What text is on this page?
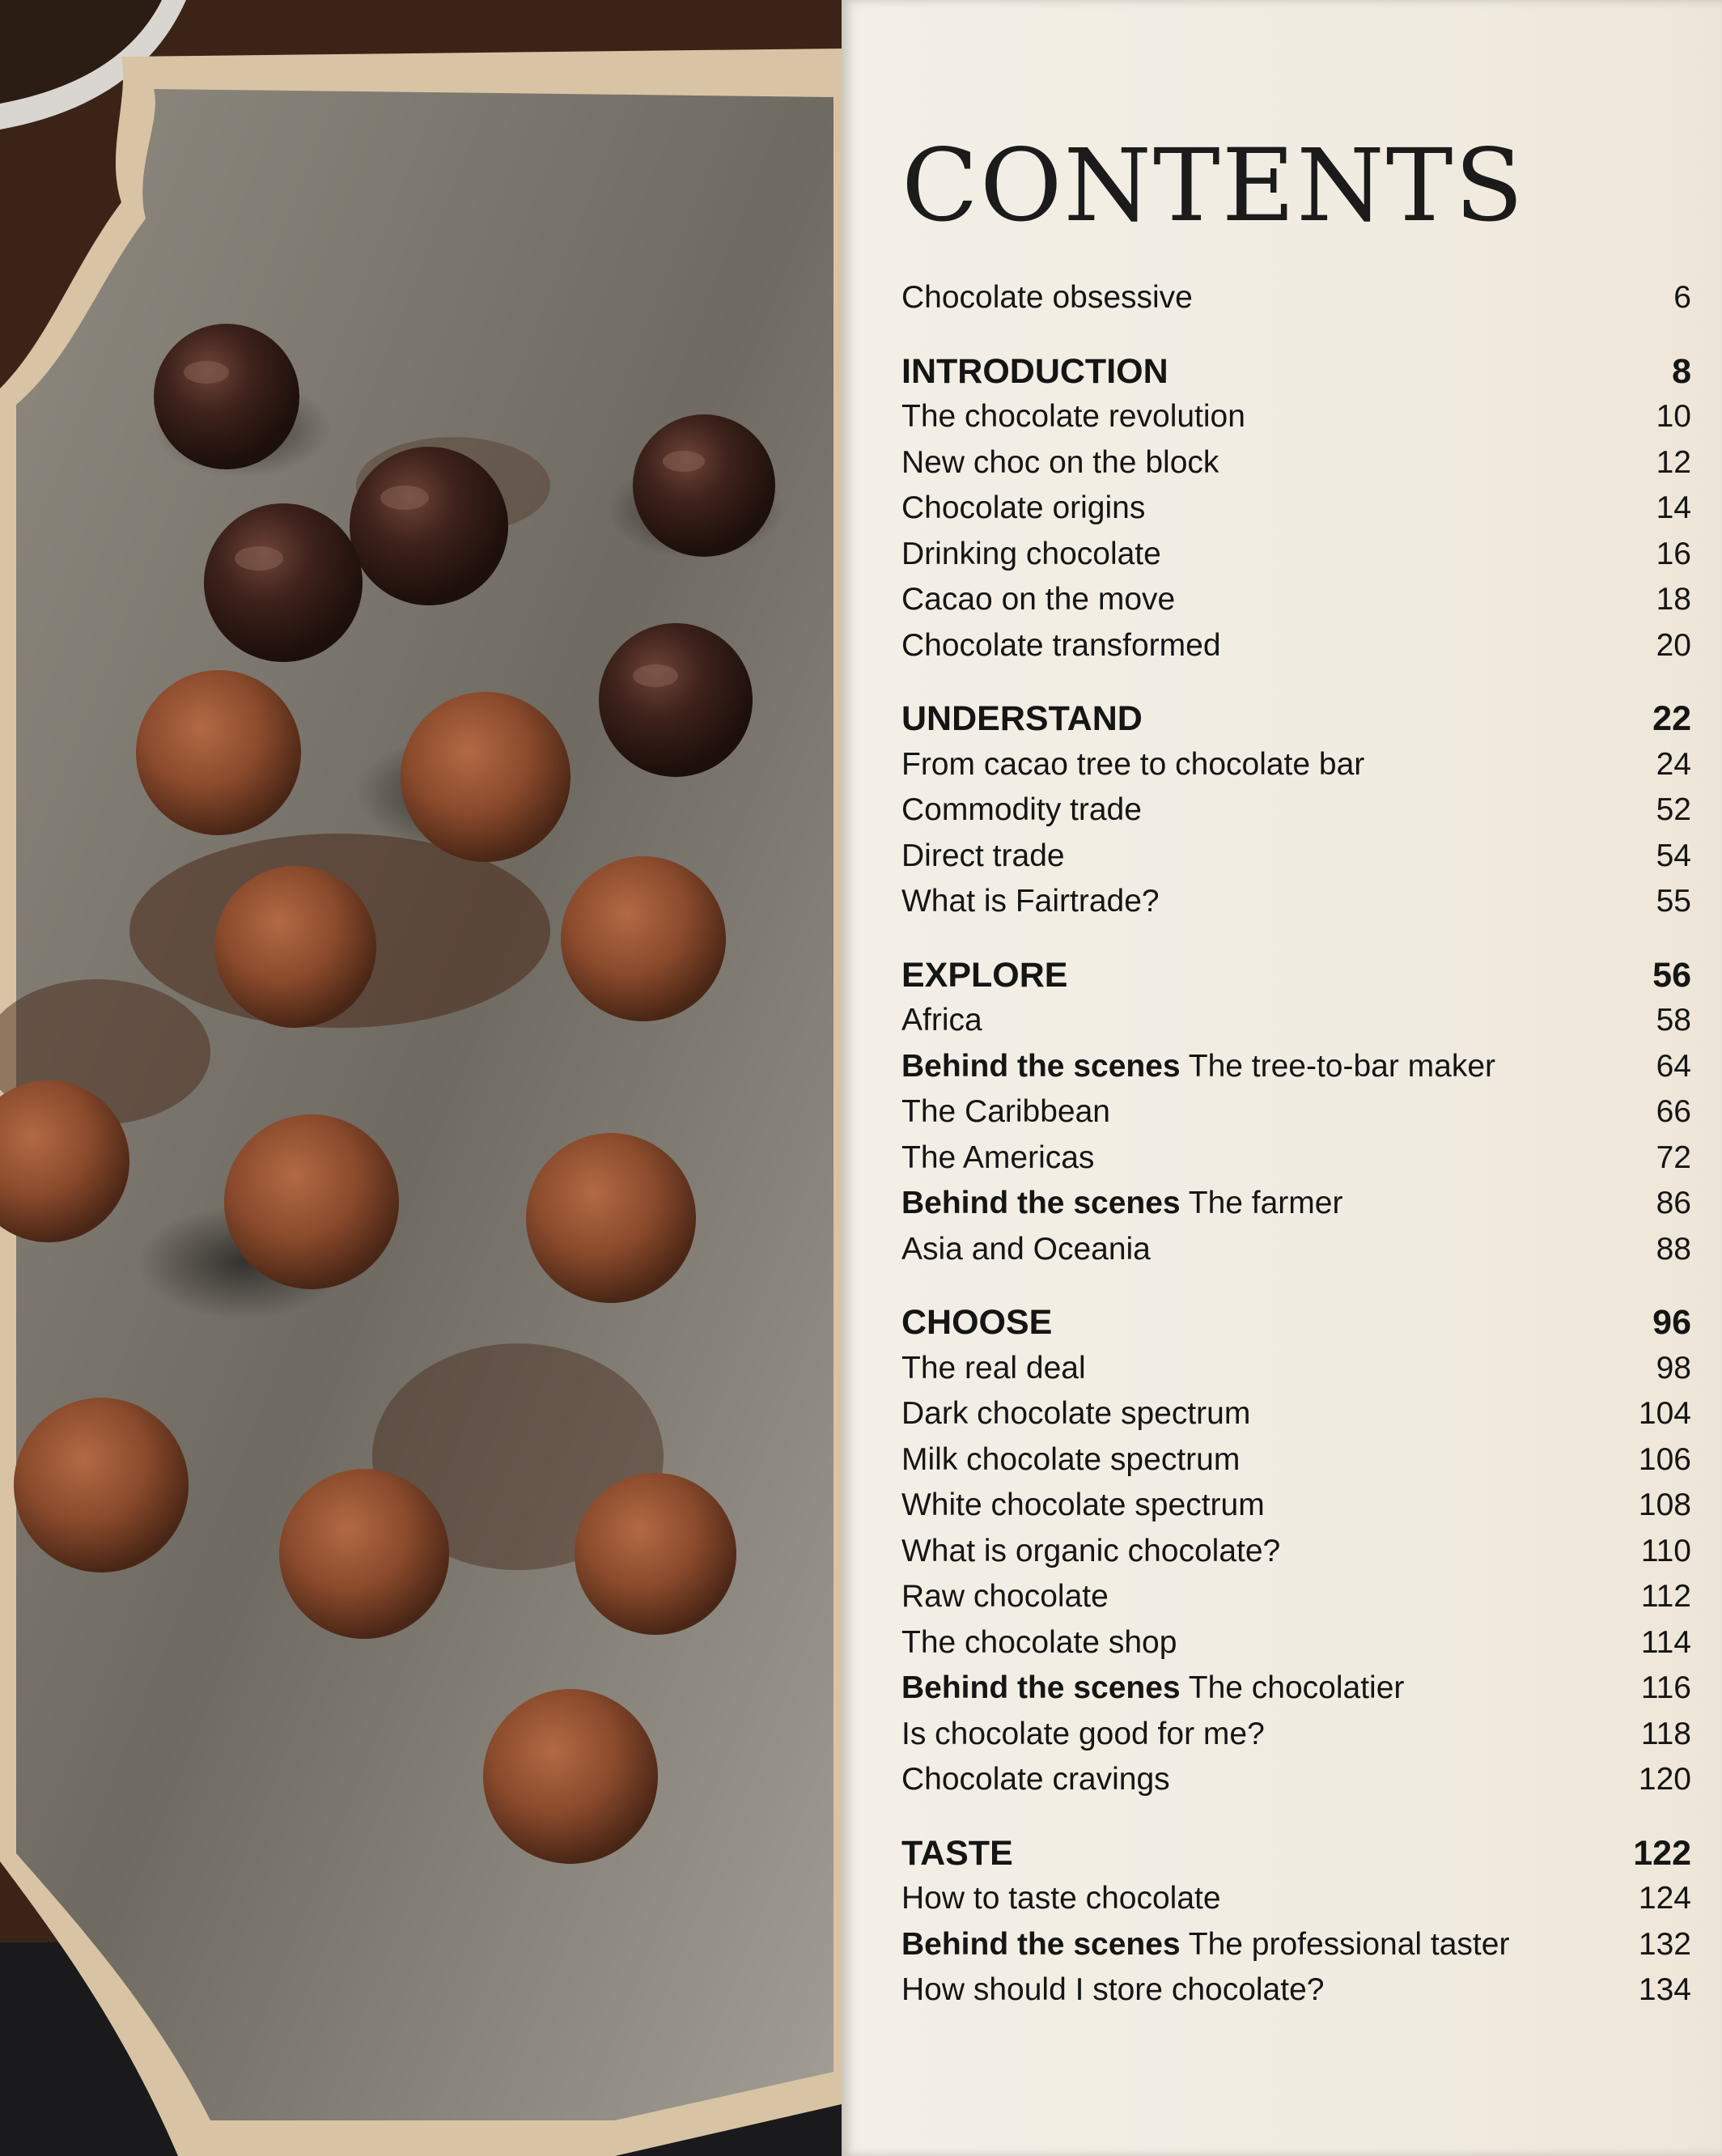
CONTENTS
Chocolate obsessive	6
INTRODUCTION	8
The chocolate revolution	10
New choc on the block	12
Chocolate origins	14
Drinking chocolate	16
Cacao on the move	18
Chocolate transformed	20
UNDERSTAND	22
From cacao tree to chocolate bar	24
Commodity trade	52
Direct trade	54
What is Fairtrade?	55
EXPLORE	56
Africa	58
Behind the scenes The tree-to-bar maker	64
The Caribbean	66
The Americas	72
Behind the scenes The farmer	86
Asia and Oceania	88
CHOOSE	96
The real deal	98
Dark chocolate spectrum	104
Milk chocolate spectrum	106
White chocolate spectrum	108
What is organic chocolate?	110
Raw chocolate	112
The chocolate shop	114
Behind the scenes The chocolatier	116
Is chocolate good for me?	118
Chocolate cravings	120
TASTE	122
How to taste chocolate	124
Behind the scenes The professional taster	132
How should I store chocolate?	134
